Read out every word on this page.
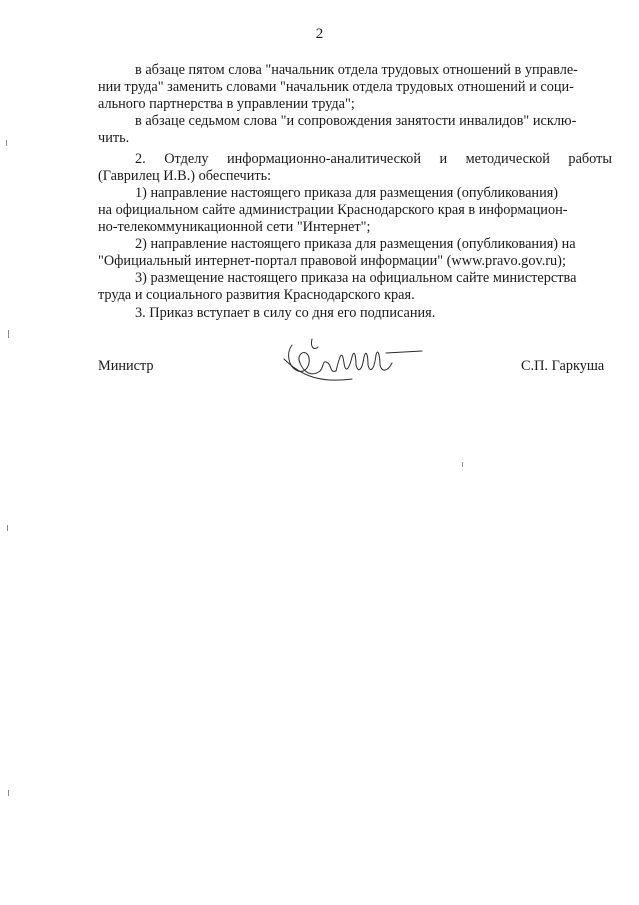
2
в абзаце пятом слова "начальник отдела трудовых отношений в управле-
нии труда" заменить словами "начальник отдела трудовых отношений и соци-
ального партнерства в управлении труда";
в абзаце седьмом слова "и сопровождения занятости инвалидов" исклю-
чить.
2. Отделу информационно-аналитической и методической работы
(Гаврилец И.В.) обеспечить:
1) направление настоящего приказа для размещения (опубликования)
на официальном сайте администрации Краснодарского края в информацион-
но-телекоммуникационной сети "Интернет";
2) направление настоящего приказа для размещения (опубликования) на
"Официальный интернет-портал правовой информации" (www.pravo.gov.ru);
3) размещение настоящего приказа на официальном сайте министерства
труда и социального развития Краснодарского края.
3. Приказ вступает в силу со дня его подписания.
Министр	С.П. Гаркуша
